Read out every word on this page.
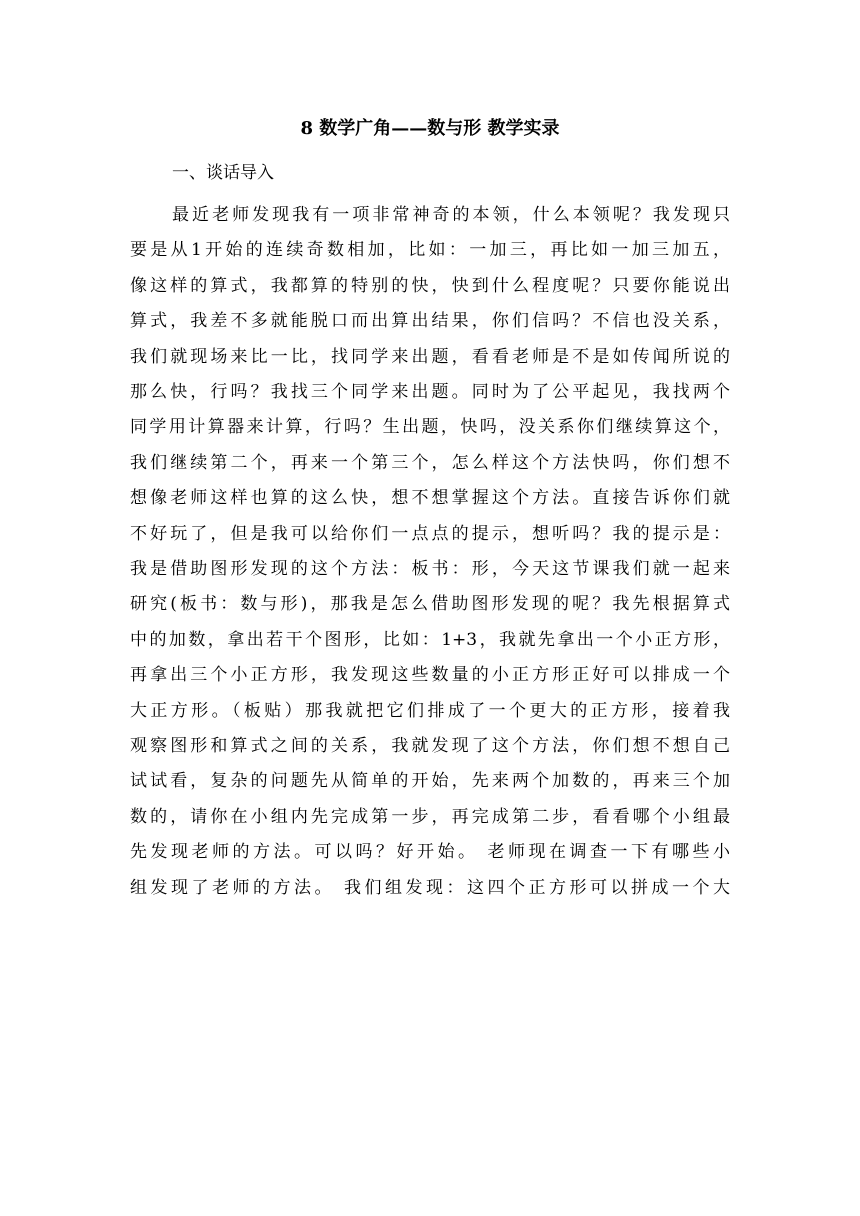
8 数学广角——数与形 教学实录

一、谈话导入

最近老师发现我有一项非常神奇的本领，什么本领呢？我发现只

要是从1开始的连续奇数相加，比如：一加三，再比如一加三加五，

像这样的算式，我都算的特别的快，快到什么程度呢？只要你能说出

算式，我差不多就能脱口而出算出结果，你们信吗？不信也没关系，

我们就现场来比一比，找同学来出题，看看老师是不是如传闻所说的

那么快，行吗？我找三个同学来出题。同时为了公平起见，我找两个

同学用计算器来计算，行吗？生出题，快吗，没关系你们继续算这个，

我们继续第二个，再来一个第三个，怎么样这个方法快吗，你们想不

想像老师这样也算的这么快，想不想掌握这个方法。直接告诉你们就

不好玩了，但是我可以给你们一点点的提示，想听吗？我的提示是：

我是借助图形发现的这个方法：板书：形，今天这节课我们就一起来

研究(板书：数与形)，那我是怎么借助图形发现的呢？我先根据算式

中的加数，拿出若干个图形，比如：1+3，我就先拿出一个小正方形，

再拿出三个小正方形，我发现这些数量的小正方形正好可以排成一个

大正方形。（板贴）那我就把它们排成了一个更大的正方形，接着我

观察图形和算式之间的关系，我就发现了这个方法，你们想不想自己

试试看，复杂的问题先从简单的开始，先来两个加数的，再来三个加

数的，请你在小组内先完成第一步，再完成第二步，看看哪个小组最

先发现老师的方法。可以吗？好开始。 老师现在调查一下有哪些小

组发现了老师的方法。 我们组发现：这四个正方形可以拼成一个大
